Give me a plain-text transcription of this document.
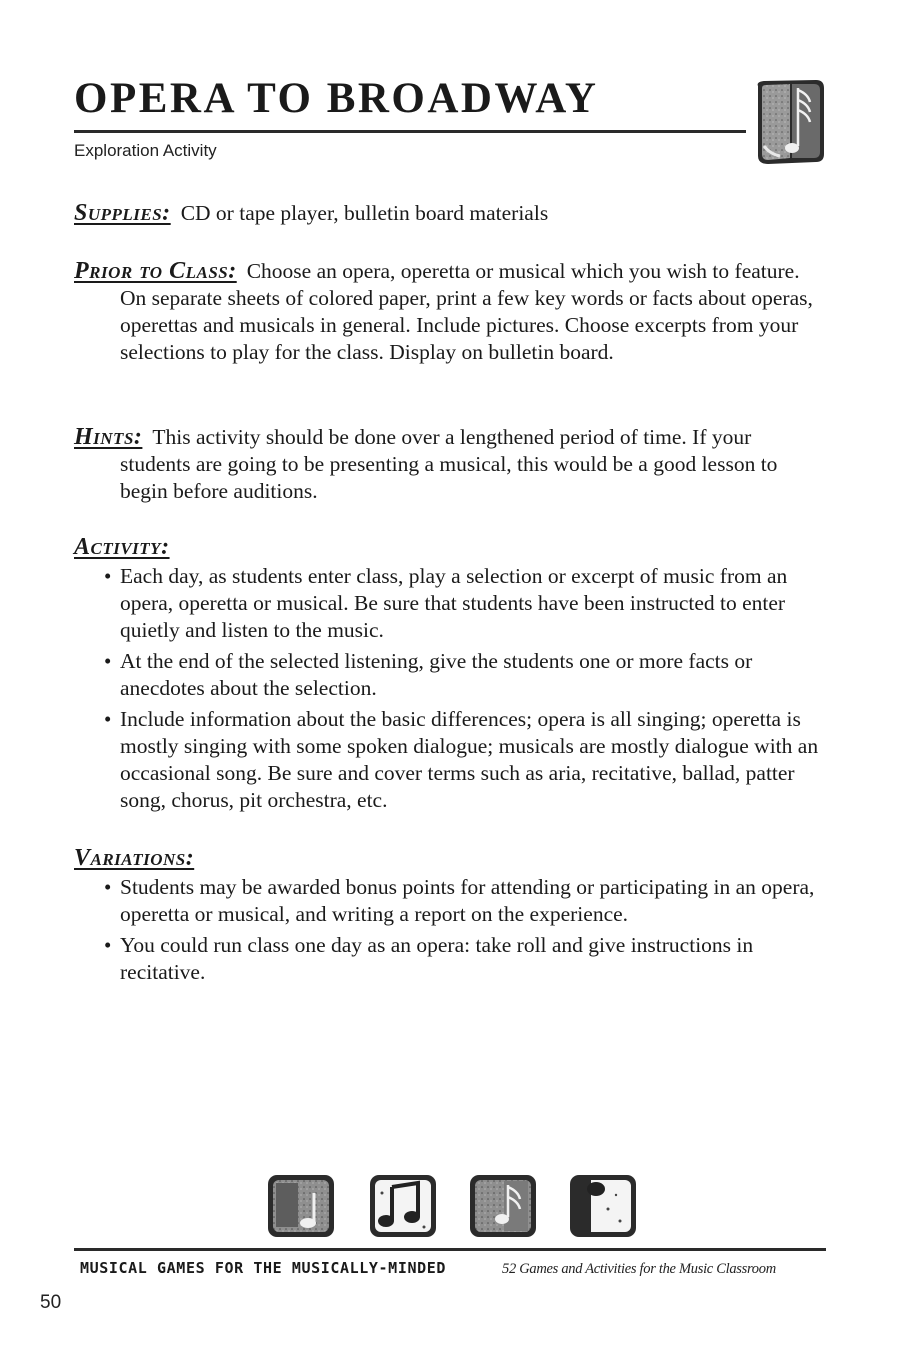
OPERA TO BROADWAY
Exploration Activity

Supplies: CD or tape player, bulletin board materials

Prior to Class: Choose an opera, operetta or musical which you wish to feature. On separate sheets of colored paper, print a few key words or facts about operas, operettas and musicals in general. Include pictures. Choose excerpts from your selections to play for the class. Display on bulletin board.

Hints: This activity should be done over a lengthened period of time. If your students are going to be presenting a musical, this would be a good lesson to begin before auditions.

Activity:
• Each day, as students enter class, play a selection or excerpt of music from an opera, operetta or musical. Be sure that students have been instructed to enter quietly and listen to the music.
• At the end of the selected listening, give the students one or more facts or anecdotes about the selection.
• Include information about the basic differences; opera is all singing; operetta is mostly singing with some spoken dialogue; musicals are mostly dialogue with an occasional song. Be sure and cover terms such as aria, recitative, ballad, patter song, chorus, pit orchestra, etc.
Variations:
• Students may be awarded bonus points for attending or participating in an opera, operetta or musical, and writing a report on the experience.
• You could run class one day as an opera: take roll and give instructions in recitative.
MUSICAL GAMES FOR THE MUSICALLY-MINDED	52 Games and Activities for the Music Classroom
50
